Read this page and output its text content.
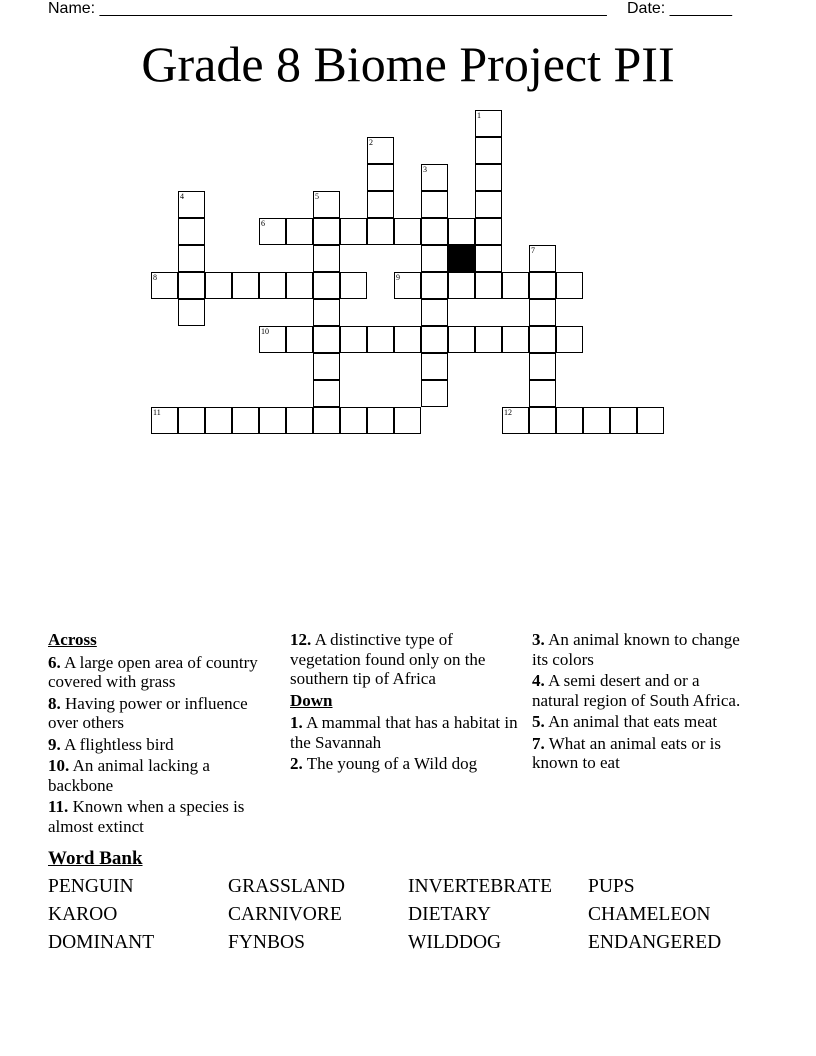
Name: _________________________________________________________ Date: _______
Grade 8 Biome Project PII
1
2
3
4	5
6
7
8	9
10
11	12
Across
6. A large open area of country covered with grass
8. Having power or influence over others
9. A flightless bird
10. An animal lacking a backbone
11. Known when a species is almost extinct
12. A distinctive type of vegetation found only on the southern tip of Africa
Down
1. A mammal that has a habitat in the Savannah
2. The young of a Wild dog
3. An animal known to change its colors
4. A semi desert and or a natural region of South Africa.
5. An animal that eats meat
7. What an animal eats or is known to eat
Word Bank
PENGUIN	GRASSLAND	INVERTEBRATE PUPS
KAROO	CARNIVORE	DIETARY	CHAMELEON
DOMINANT	FYNBOS	WILDDOG	ENDANGERED
